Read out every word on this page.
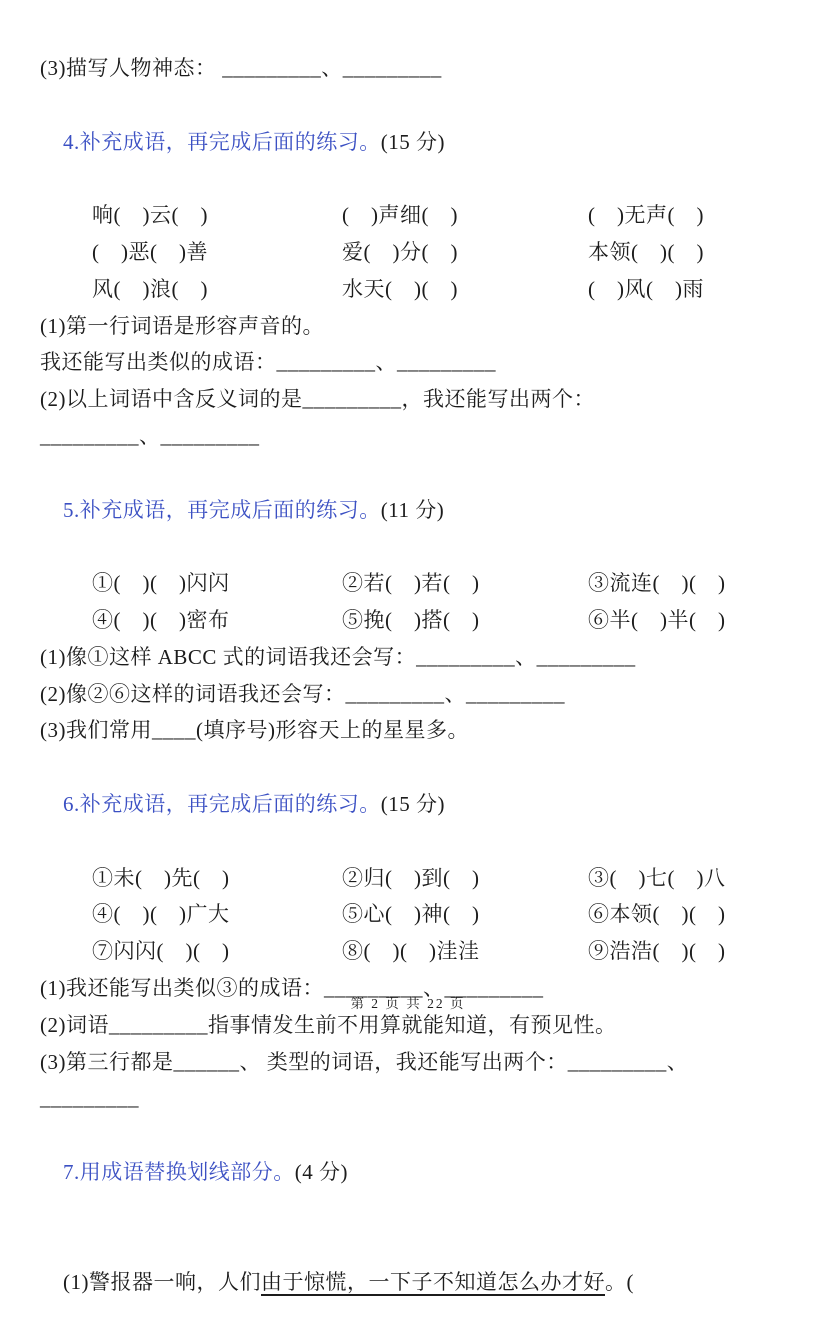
(3)描写人物神态： _________、_________

4.补充成语，再完成后面的练习。(15 分)

响(　)云(　)	(　)声细(　)	(　)无声(　)
(　)恶(　)善	爱(　)分(　)	本领(　)(　)
风(　)浪(　)	水天(　)(　)	(　)风(　)雨
(1)第一行词语是形容声音的。
我还能写出类似的成语：_________、_________
(2)以上词语中含反义词的是_________，我还能写出两个：
_________、_________

5.补充成语，再完成后面的练习。(11 分)

①(　)(　)闪闪	②若(　)若(　)	③流连(　)(　)
④(　)(　)密布	⑤挽(　)搭(　)	⑥半(　)半(　)
(1)像①这样 ABCC 式的词语我还会写：_________、_________
(2)像②⑥这样的词语我还会写：_________、_________
(3)我们常用____(填序号)形容天上的星星多。

6.补充成语，再完成后面的练习。(15 分)

①未(　)先(　)	②归(　)到(　)	③(　)七(　)八
④(　)(　)广大	⑤心(　)神(　)	⑥本领(　)(　)
⑦闪闪(　)(　)	⑧(　)(　)洼洼	⑨浩浩(　)(　)
(1)我还能写出类似③的成语：_________、_________
(2)词语_________指事情发生前不用算就能知道，有预见性。
(3)第三行都是______、 类型的词语，我还能写出两个：_________、
_________

7.用成语替换划线部分。(4 分)

(1)警报器一响，人们由于惊慌，一下子不知道怎么办才好。(

第 2 页 共 22 页
